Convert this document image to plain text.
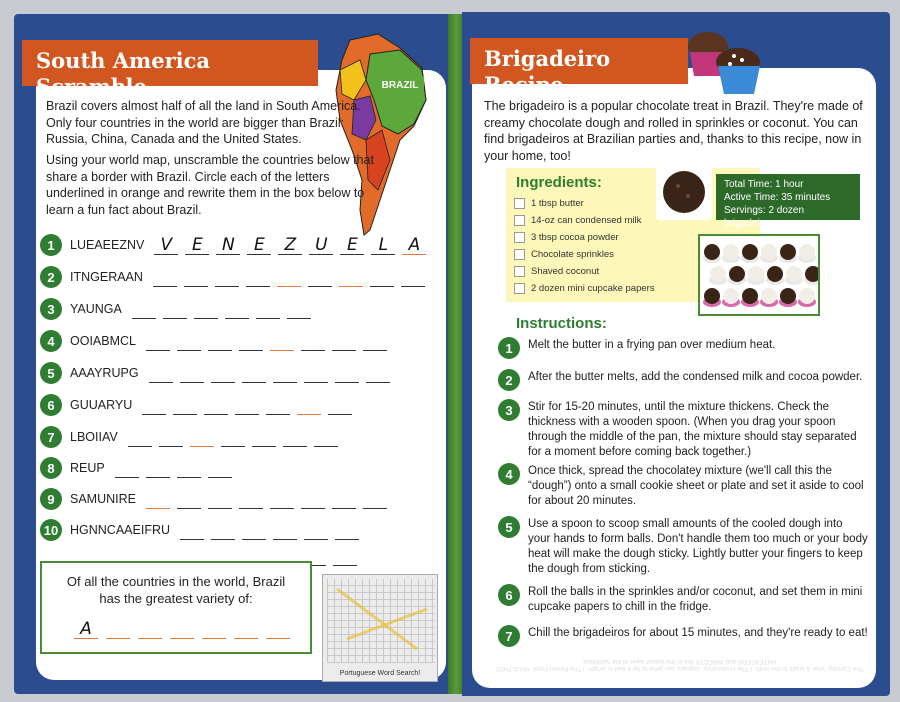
South America Scramble
Brigadeiro Recipe
BRAZIL
Brazil covers almost half of all the land in South America. Only four countries in the world are bigger than Brazil: Russia, China, Canada and the United States.
Using your world map, unscramble the countries below that share a border with Brazil. Circle each of the letters underlined in orange and rewrite them in the box below to learn a fun fact about Brazil.
1	LUEAEEZNV V	E	N	E	Z	U	E	L	A
2	ITNGERAAN
3	YAUNGA
4	OOIABMCL
5	AAAYRUPG
6	GUUARYU
7	LBOIIAV
8	REUP
9	SAMUNIRE
10 HGNNCAAEIFRU
Of all the countries in the world, Brazil has the greatest variety of:
A
Portuguese Word Search!
The brigadeiro is a popular chocolate treat in Brazil. They're made of creamy chocolate dough and rolled in sprinkles or coconut. You can find brigadeiros at Brazilian parties and, thanks to this recipe, now in your home, too!
Ingredients:
1 tbsp butter
14-oz can condensed milk
3 tbsp cocoa powder
Chocolate sprinkles
Shaved coconut
2 dozen mini cupcake papers
Total Time: 1 hour
Active Time: 35 minutes
Servings: 2 dozen brigadeiros
Instructions:
1	Melt the butter in a frying pan over medium heat.
2	After the butter melts, add the condensed milk and cocoa powder.
3	Stir for 15-20 minutes, until the mixture thickens. Check the thickness with a wooden spoon. (When you drag your spoon through the middle of the pan, the mixture should stay separated for a moment before coming back together.)
4	Once thick, spread the chocolatey mixture (we'll call this the “dough”) onto a small cookie sheet or plate and set it aside to cool for about 20 minutes.
5	Use a spoon to scoop small amounts of the cooled dough into your hands to form balls. Don't handle them too much or your body heat will make the dough sticky. Lightly butter your fingers to keep the dough from sticking.
6	Roll the balls in the sprinkles and/or coconut, and set them in mini cupcake papers to chill in the fridge.
7	Chill the brigadeiros for about 15 minutes, and they're ready to eat!
The Canopy: Vine à leads to the sloth. / The Understory: Jaguars can grow to be 6 feet in length. / The Forest Floor: WILD PIGS. ANTEATERS and INSECTS live in the lowest layer of the rainforest.
